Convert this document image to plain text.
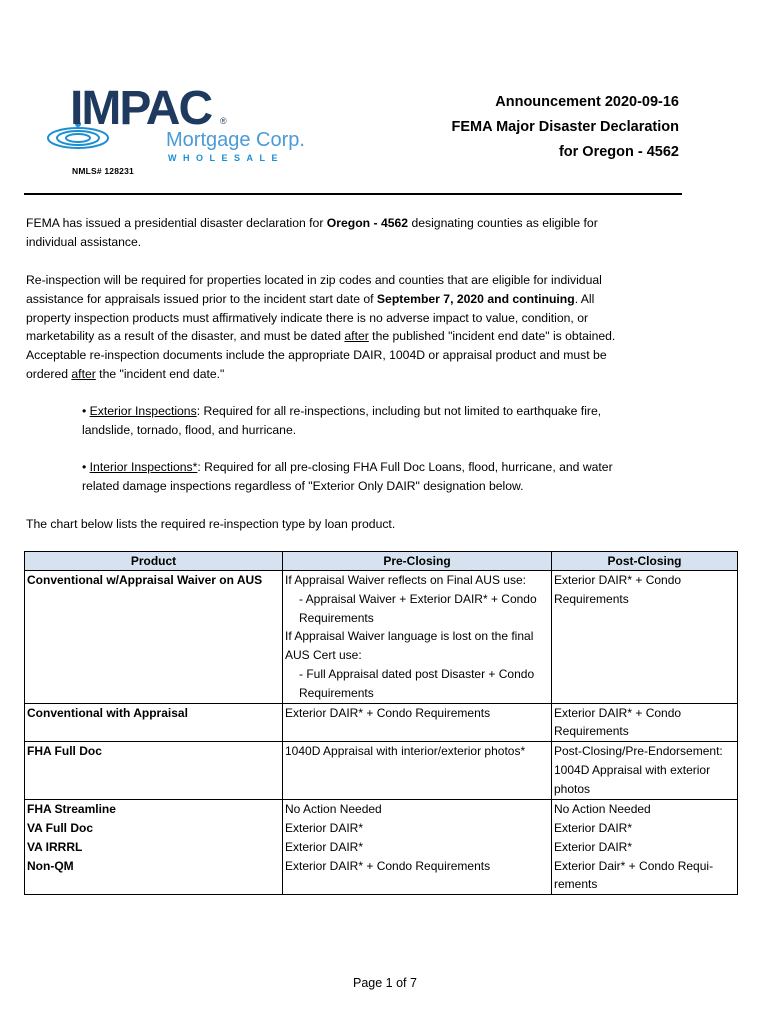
IMPAC ®
Mortgage Corp.
WHOLESALE
NMLS# 128231
Announcement 2020-09-16
FEMA Major Disaster Declaration
for Oregon - 4562
FEMA has issued a presidential disaster declaration for Oregon - 4562 designating counties as eligible for individual assistance.
Re-inspection will be required for properties located in zip codes and counties that are eligible for individual assistance for appraisals issued prior to the incident start date of September 7, 2020 and continuing. All property inspection products must affirmatively indicate there is no adverse impact to value, condition, or marketability as a result of the disaster, and must be dated after the published "incident end date" is obtained. Acceptable re-inspection documents include the appropriate DAIR, 1004D or appraisal product and must be ordered after the "incident end date."
• Exterior Inspections: Required for all re-inspections, including but not limited to earthquake fire, landslide, tornado, flood, and hurricane.
• Interior Inspections*: Required for all pre-closing FHA Full Doc Loans, flood, hurricane, and water related damage inspections regardless of "Exterior Only DAIR" designation below.
The chart below lists the required re-inspection type by loan product.
Product	Pre-Closing	Post-Closing
Conventional w/Appraisal Waiver on AUS	If Appraisal Waiver reflects on Final AUS use:
- Appraisal Waiver + Exterior DAIR* + Condo Requirements
If Appraisal Waiver language is lost on the final AUS Cert use:
- Full Appraisal dated post Disaster + Condo Requirements	Exterior DAIR* + Condo Requirements
Conventional with Appraisal	Exterior DAIR* + Condo Requirements	Exterior DAIR* + Condo Requirements
FHA Full Doc	1040D Appraisal with interior/exterior photos*	Post-Closing/Pre-Endorsement: 1004D Appraisal with exterior photos
FHA Streamline	No Action Needed	No Action Needed
VA Full Doc	Exterior DAIR*	Exterior DAIR*
VA IRRRL	Exterior DAIR*	Exterior DAIR*
Non-QM	Exterior DAIR* + Condo Requirements	Exterior Dair* + Condo Requi-rements
Page 1 of 7
